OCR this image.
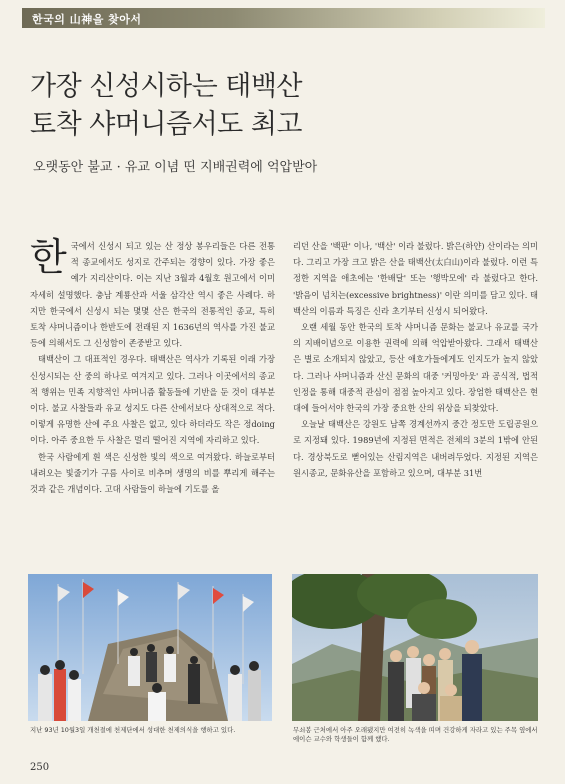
한국의 山神을 찾아서
가장 신성시하는 태백산
토착 샤머니즘서도 최고
오랫동안 불교 · 유교 이념 띤 지배권력에 억압받아

한국에서 신성시 되고 있는 산 정상 봉우리들은 다른 전통적 종교에서도 성지로 간주되는 경향이 있다. 가장 좋은 예가 지리산이다. 이는 지난 3월과 4월호 원고에서 이미 자세히 설명했다. 충남 계룡산과 서울 삼각산 역시 좋은 사례다. 하지만 한국에서 신성시 되는 몇몇 산은 한국의 전통적인 종교, 특히 토착 샤머니즘이나 한반도에 전래된 지 1636년의 역사를 가진 불교 등에 의해서도 그 신성함이 존중받고 있다.

태백산이 그 대표적인 경우다. 태백산은 역사가 기록된 이래 가장 신성시되는 산 중의 하나로 여겨지고 있다. 그러나 이곳에서의 종교적 행위는 민족 지향적인 샤머니즘 활동들에 기반을 둔 것이 대부분이다. 불교 사찰들과 유교 성지도 다른 산에서보다 상대적으로 적다. 이렇게 유명한 산에 주요 사찰은 없고, 있다 하더라도 작은 정doing이다. 아주 중요한 두 사찰은 멀리 떨어진 지역에 자리하고 있다.

한국 사람에게 흰 색은 신성한 빛의 색으로 여겨왔다. 하늘로부터 내려오는 빛줄기가 구름 사이로 비추며 생명의 비를 뿌리게 해주는 것과 같은 개념이다. 고대 사람들이 하늘에 기도를 올

리던 산을 '백판' 이나, '백산' 이라 불렀다. 밝은(하얀) 산이라는 의미다. 그리고 가장 크고 밝은 산을 태백산(太白山)이라 불렀다. 이런 특정한 지역을 애초에는 '한배달' 또는 '행박모에' 라 불렀다고 한다. '밝음이 넘치는(excessive brightness)' 이란 의미를 담고 있다. 태백산의 이름과 특징은 신라 초기부터 신성시 되어왔다.

오랜 세월 동안 한국의 토착 샤머니즘 문화는 불교나 유교를 국가의 지배이념으로 이용한 권력에 의해 억압받아왔다. 그래서 태백산은 별로 소개되지 않았고, 등산 애호가들에게도 인지도가 높지 않았다. 그러나 샤머니즘과 산신 문화의 대중 '커밍아웃' 과 공식적, 법적 인정을 통해 대중적 관심이 점점 높아지고 있다. 장엄한 태백산은 현대에 들어서야 한국의 가장 중요한 산의 위상을 되찾았다.

오늘날 태백산은 강원도 남쪽 경계선까지 중간 정도만 도립공원으로 지정돼 있다. 1989년에 지정된 면적은 전체의 3분의 1밖에 안된다. 경상북도로 뻗어있는 산림지역은 내버려두었다. 지정된 지역은 원시종교, 문화유산을 포함하고 있으며, 대부분 31번

지난 93년 10월3일 개천절에 천제단에서 성대한 천제의식을 행하고 있다.	무쇠봉 근처에서 아주 오래됐지만 여전히 녹색을 띠며 건강하게 자라고 있는 주목 옆에서 에이슨 교수와 학생들이 함께 했다.
250
